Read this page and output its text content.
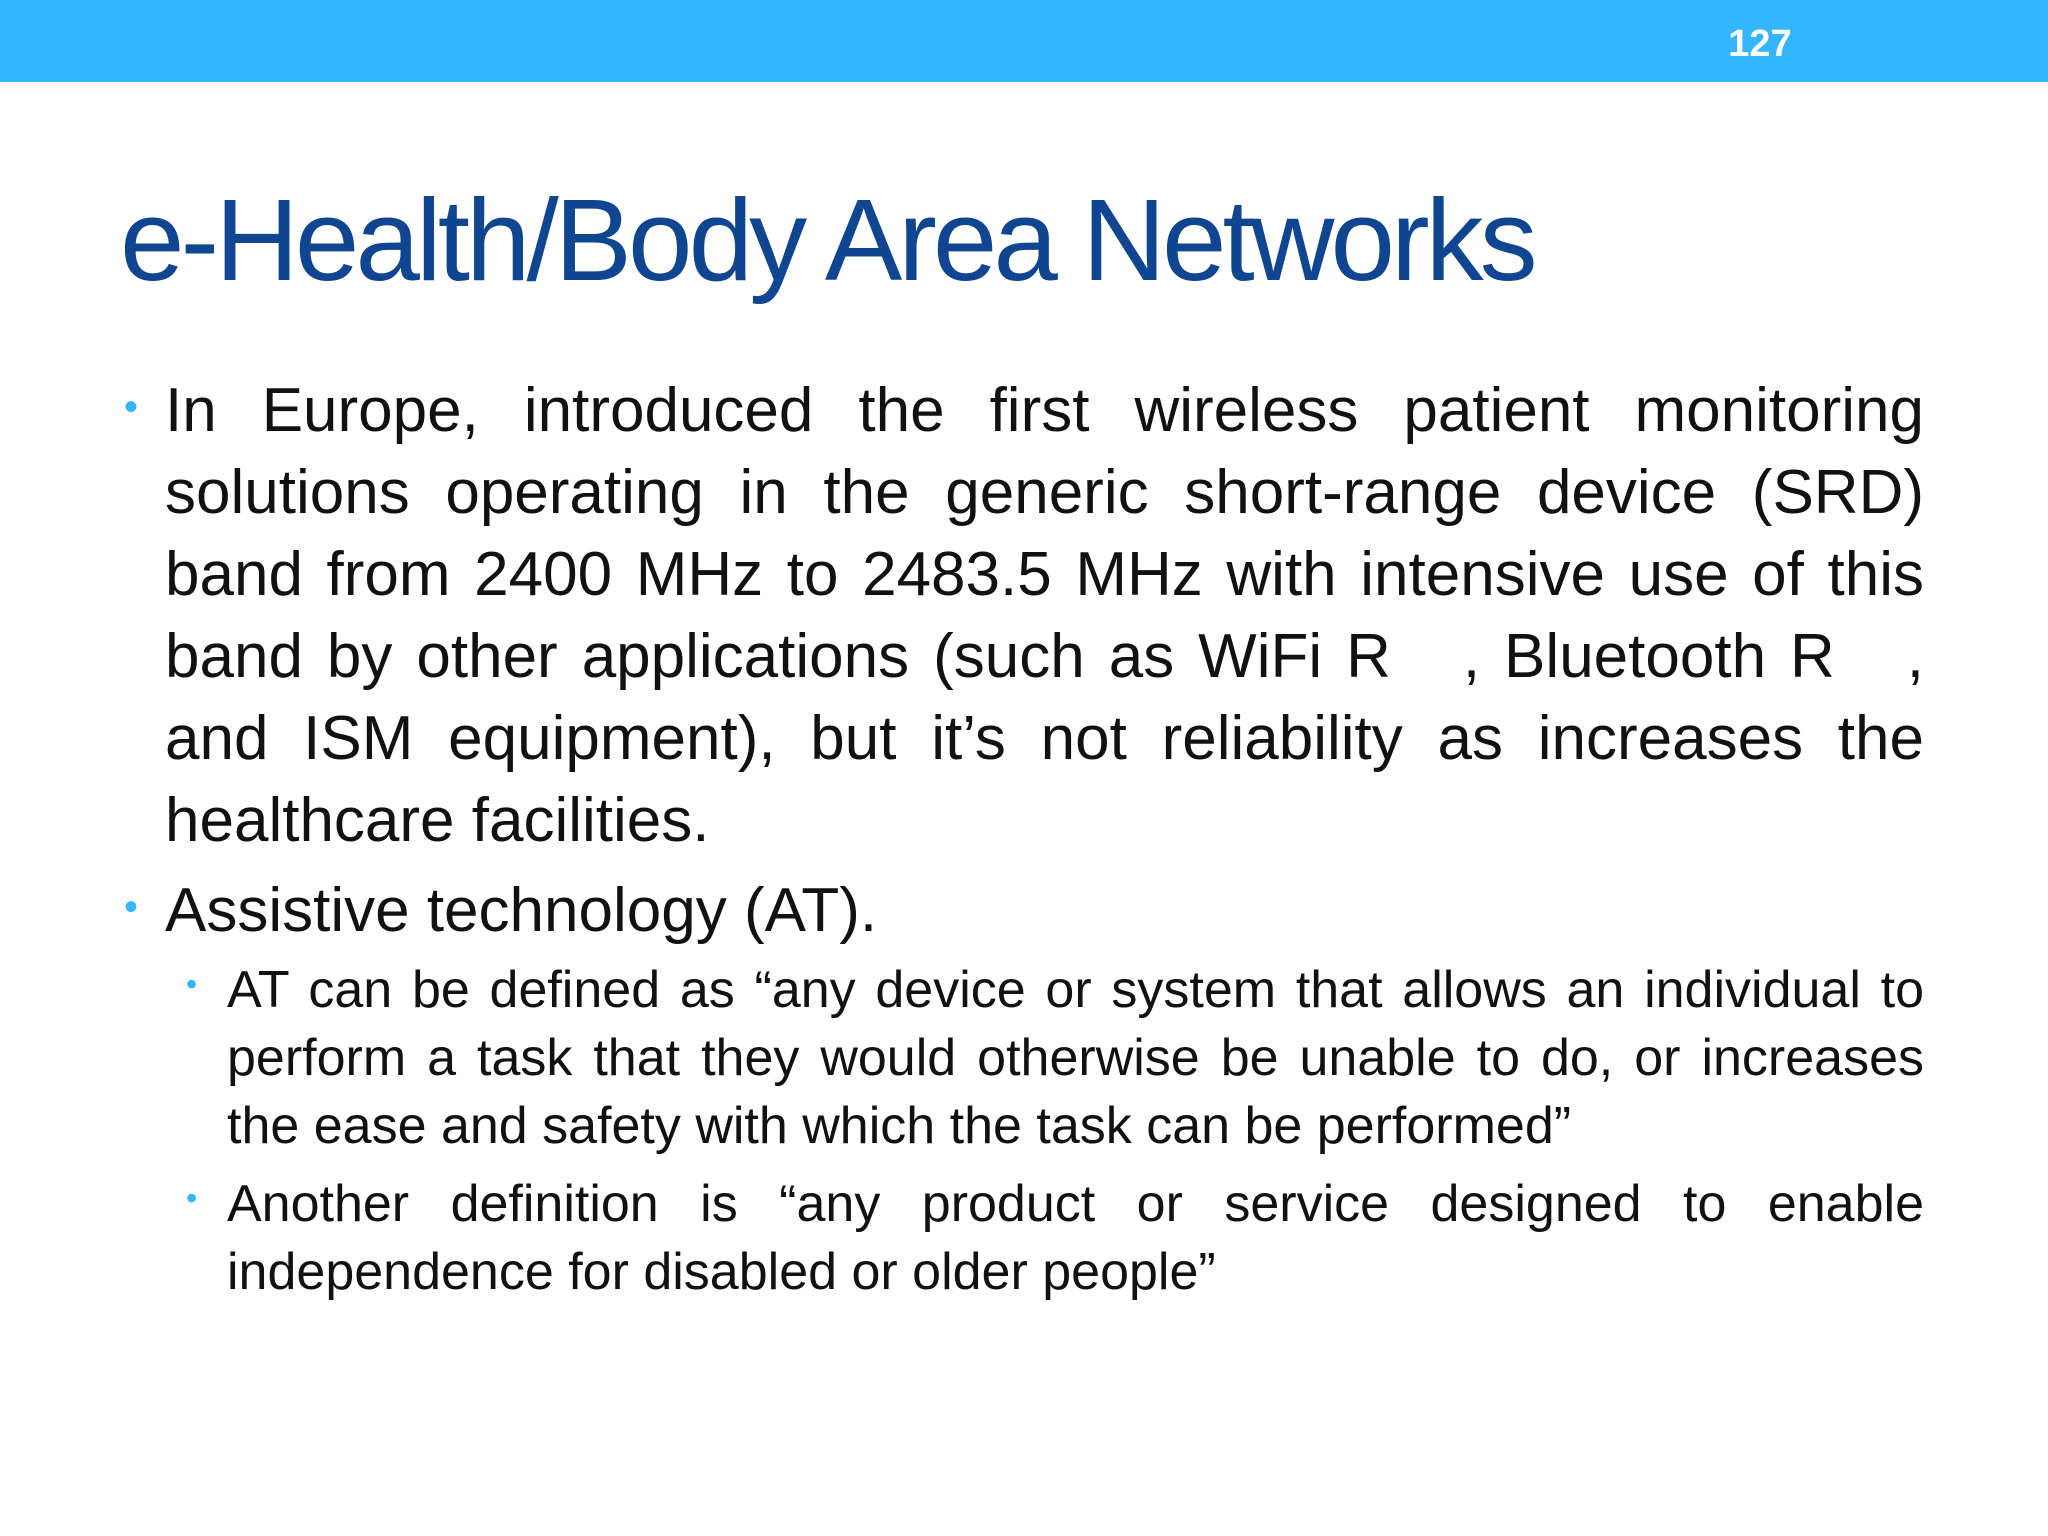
127
e-Health/Body Area Networks
• In Europe, introduced the first wireless patient monitoring solutions operating in the generic short-range device (SRD) band from 2400 MHz to 2483.5 MHz with intensive use of this band by other applications (such as WiFi R   , Bluetooth R   , and ISM equipment), but it’s not reliability as increases the healthcare facilities.
• Assistive technology (AT).
• AT can be defined as “any device or system that allows an individual to perform a task that they would otherwise be unable to do, or increases the ease and safety with which the task can be performed”
• Another definition is “any product or service designed to enable independence for disabled or older people”
